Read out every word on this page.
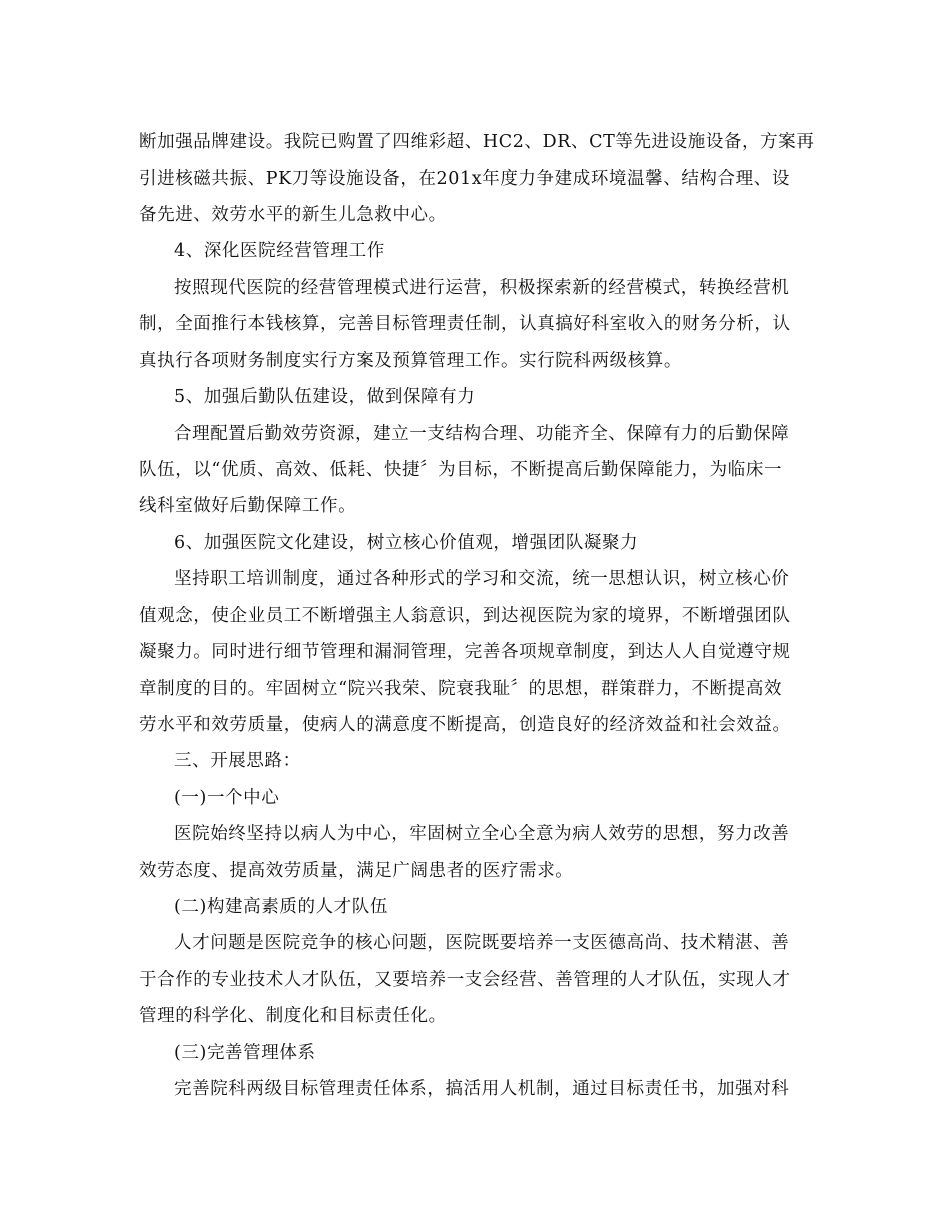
断加强品牌建设。我院已购置了四维彩超、HC2、DR、CT等先进设施设备，方案再
引进核磁共振、PK刀等设施设备，在201x年度力争建成环境温馨、结构合理、设
备先进、效劳水平的新生儿急救中心。
4、深化医院经营管理工作
按照现代医院的经营管理模式进行运营，积极探索新的经营模式，转换经营机
制，全面推行本钱核算，完善目标管理责任制，认真搞好科室收入的财务分析，认
真执行各项财务制度实行方案及预算管理工作。实行院科两级核算。
5、加强后勤队伍建设，做到保障有力
合理配置后勤效劳资源，建立一支结构合理、功能齐全、保障有力的后勤保障
队伍，以“优质、高效、低耗、快捷〞为目标，不断提高后勤保障能力，为临床一
线科室做好后勤保障工作。
6、加强医院文化建设，树立核心价值观，增强团队凝聚力
坚持职工培训制度，通过各种形式的学习和交流，统一思想认识，树立核心价
值观念，使企业员工不断增强主人翁意识，到达视医院为家的境界，不断增强团队
凝聚力。同时进行细节管理和漏洞管理，完善各项规章制度，到达人人自觉遵守规
章制度的目的。牢固树立“院兴我荣、院衰我耻〞的思想，群策群力，不断提高效
劳水平和效劳质量，使病人的满意度不断提高，创造良好的经济效益和社会效益。
三、开展思路：
(一)一个中心
医院始终坚持以病人为中心，牢固树立全心全意为病人效劳的思想，努力改善
效劳态度、提高效劳质量，满足广阔患者的医疗需求。
(二)构建高素质的人才队伍
人才问题是医院竞争的核心问题，医院既要培养一支医德高尚、技术精湛、善
于合作的专业技术人才队伍，又要培养一支会经营、善管理的人才队伍，实现人才
管理的科学化、制度化和目标责任化。
(三)完善管理体系
完善院科两级目标管理责任体系，搞活用人机制，通过目标责任书，加强对科
